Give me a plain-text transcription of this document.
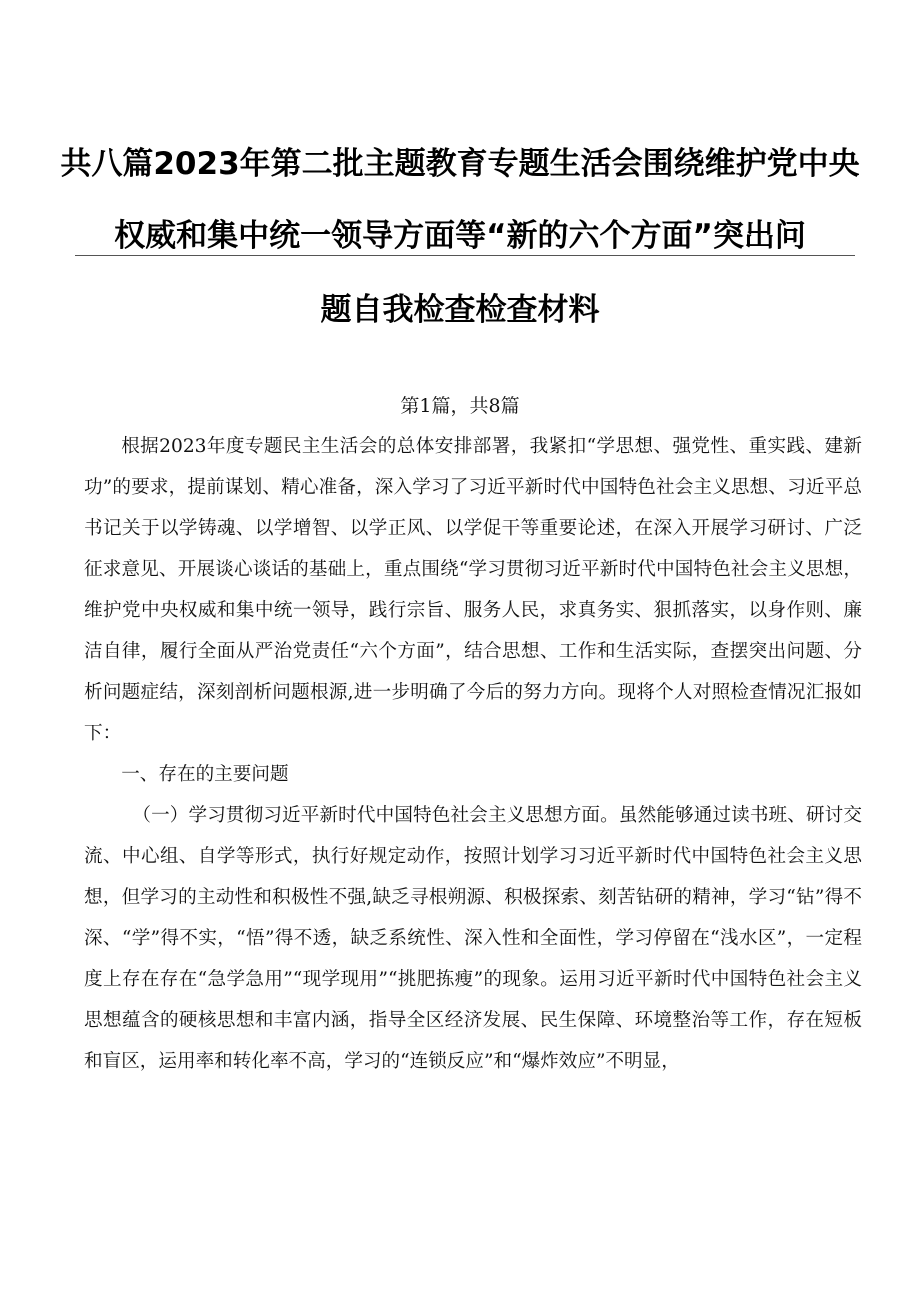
共八篇2023年第二批主题教育专题生活会围绕维护党中央
权威和集中统一领导方面等“新的六个方面”突出问
题自我检查检查材料
第1篇，共8篇

根据2023年度专题民主生活会的总体安排部署，我紧扣“学思想、强党性、重实践、建新功”的要求，提前谋划、精心准备，深入学习了习近平新时代中国特色社会主义思想、习近平总书记关于以学铸魂、以学增智、以学正风、以学促干等重要论述，在深入开展学习研讨、广泛征求意见、开展谈心谈话的基础上，重点围绕“学习贯彻习近平新时代中国特色社会主义思想，维护党中央权威和集中统一领导，践行宗旨、服务人民，求真务实、狠抓落实，以身作则、廉洁自律，履行全面从严治党责任“六个方面”，结合思想、工作和生活实际，查摆突出问题、分析问题症结，深刻剖析问题根源,进一步明确了今后的努力方向。现将个人对照检查情况汇报如下：

一、存在的主要问题

（一）学习贯彻习近平新时代中国特色社会主义思想方面。虽然能够通过读书班、研讨交流、中心组、自学等形式，执行好规定动作，按照计划学习习近平新时代中国特色社会主义思想，但学习的主动性和积极性不强,缺乏寻根朔源、积极探索、刻苦钻研的精神，学习“钻”得不深、“学”得不实，“悟”得不透，缺乏系统性、深入性和全面性，学习停留在“浅水区”，一定程度上存在存在“急学急用”“现学现用”“挑肥拣瘦”的现象。运用习近平新时代中国特色社会主义思想蕴含的硬核思想和丰富内涵，指导全区经济发展、民生保障、环境整治等工作，存在短板和盲区，运用率和转化率不高，学习的“连锁反应”和“爆炸效应”不明显，
